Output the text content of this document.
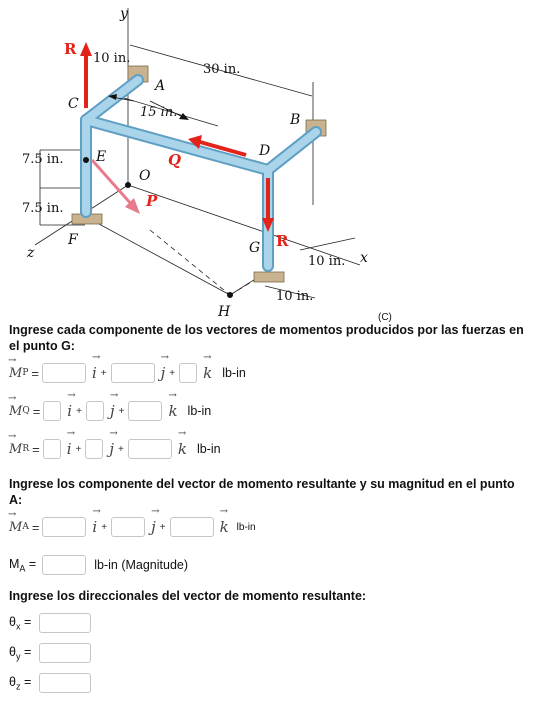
y
x
z
A
B
C
D
E
F	G
H
O
P
Q
R
R
10 in.
30 in.
15 in.
7.5 in.
7.5 in.
10 in.
10 in.
(C)

Ingrese cada componente de los vectores de momentos producidos por las fuerzas en el punto G:

→ M P =	→ i +	→ j + → k lb-in
→ M Q = → i + → j +	→ k lb-in
→ M R = → i + → j +	→ k lb-in

Ingrese los componente del vector de momento resultante y su magnitud en el punto A:

→ M A =	→ i +	→ j +	→ k lb-in
$M_A$ =	lb-in (Magnitude)

Ingrese los direccionales del vector de momento resultante:

$\theta_x$ =
$\theta_y$ =
$\theta_z$ =
